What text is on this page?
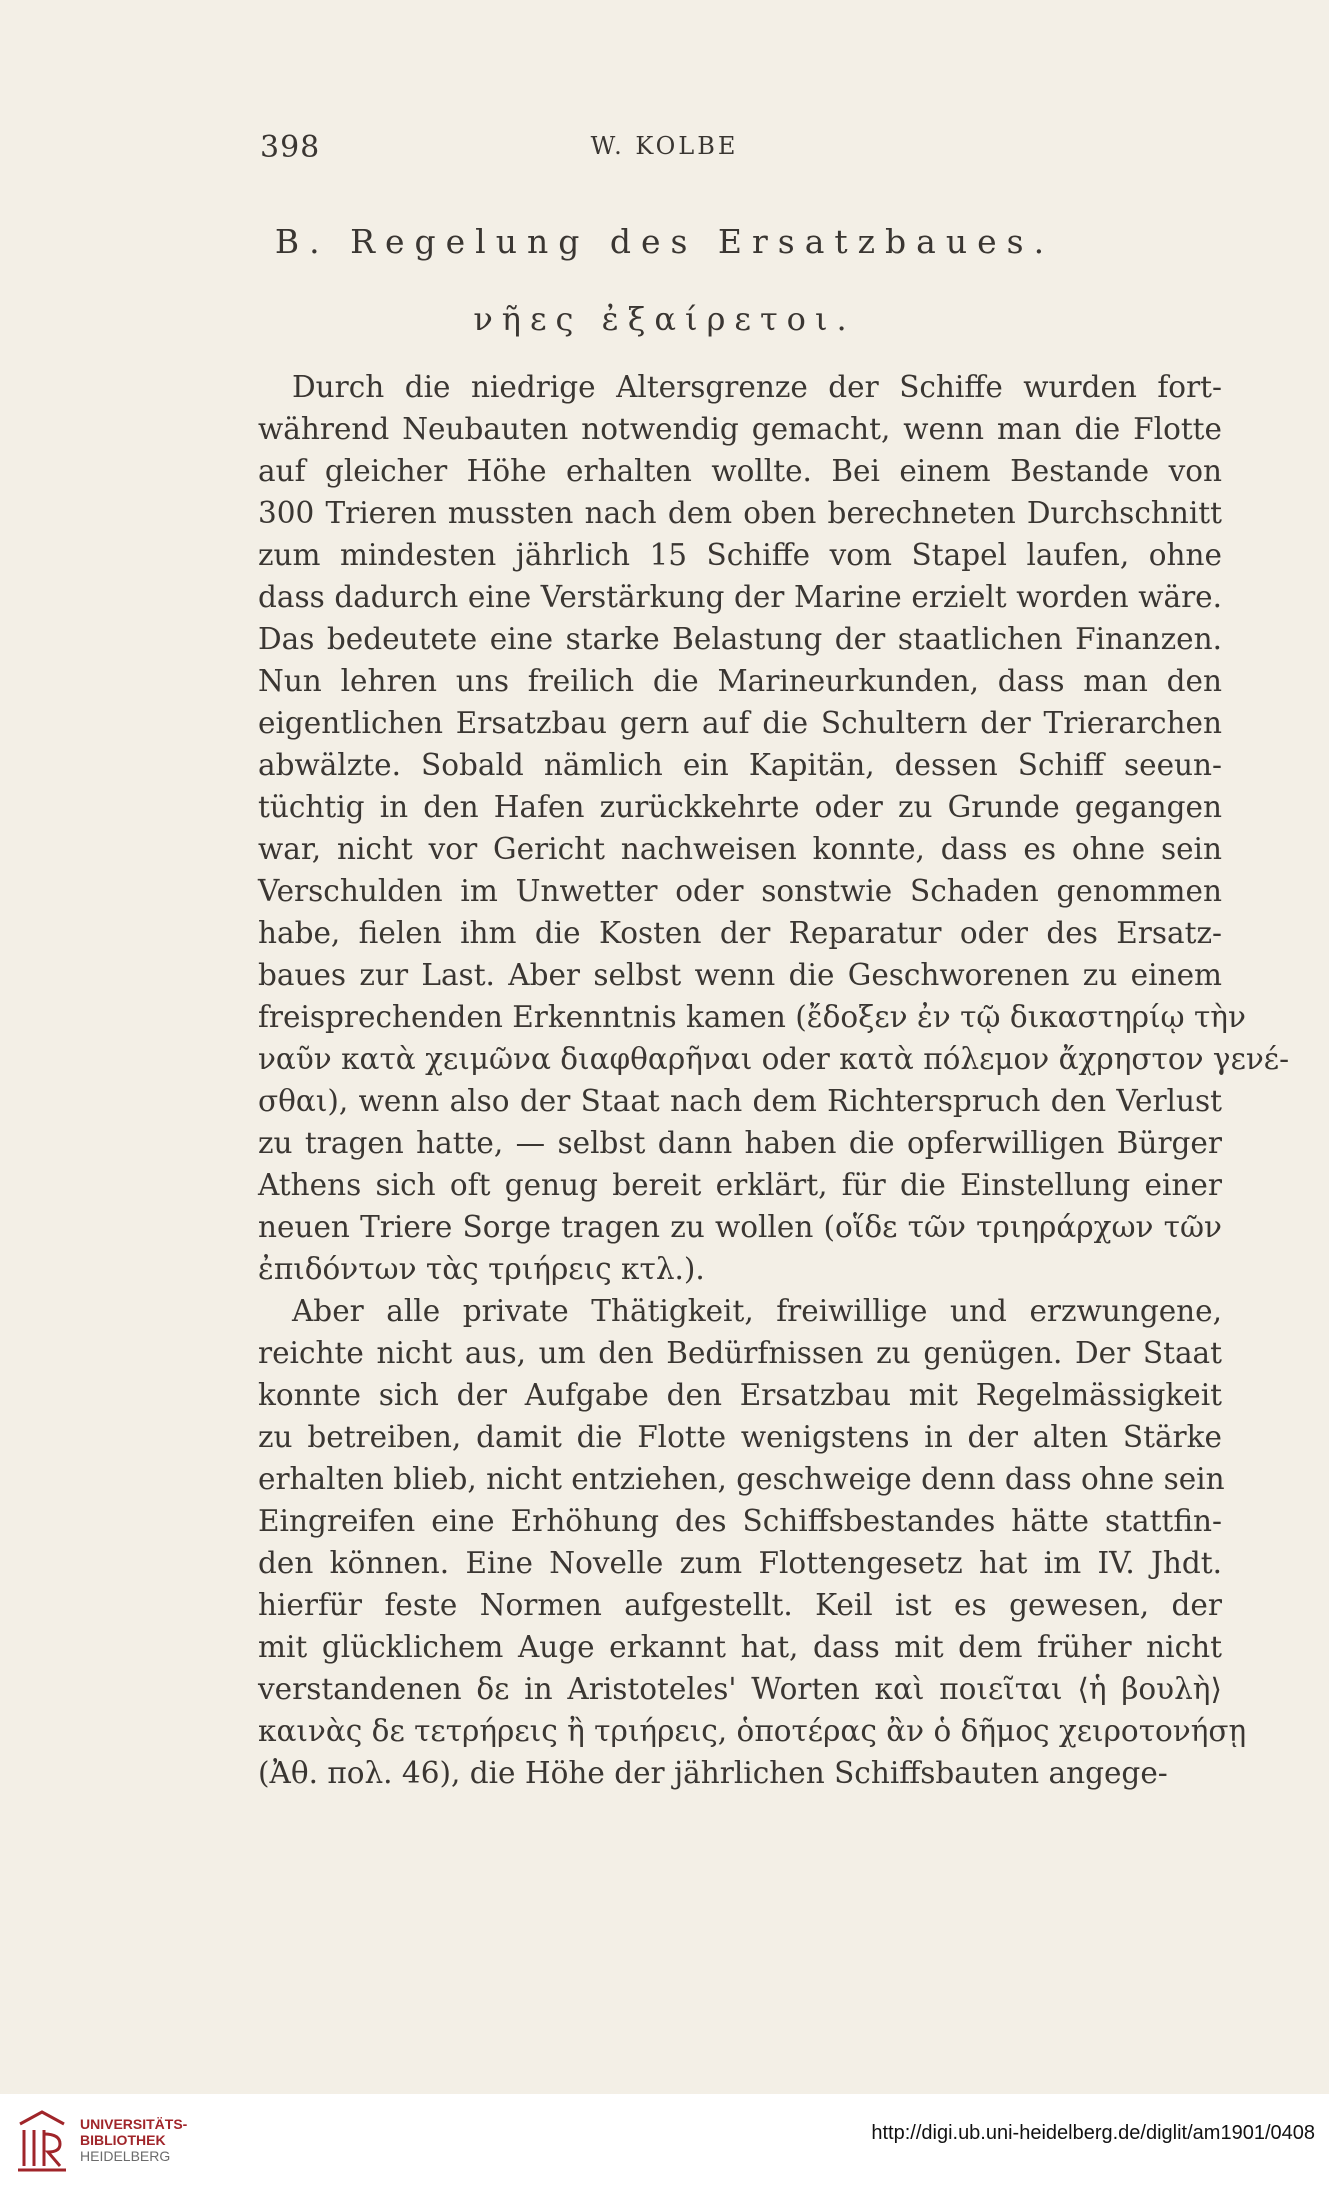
398	W. KOLBE
B. Regelung des Ersatzbaues.
νῆες ἐξαίρετοι.
Durch die niedrige Altersgrenze der Schiffe wurden fort-
während Neubauten notwendig gemacht, wenn man die Flotte
auf gleicher Höhe erhalten wollte. Bei einem Bestande von
300 Trieren mussten nach dem oben berechneten Durchschnitt
zum mindesten jährlich 15 Schiffe vom Stapel laufen, ohne
dass dadurch eine Verstärkung der Marine erzielt worden wäre.
Das bedeutete eine starke Belastung der staatlichen Finanzen.
Nun lehren uns freilich die Marineurkunden, dass man den
eigentlichen Ersatzbau gern auf die Schultern der Trierarchen
abwälzte. Sobald nämlich ein Kapitän, dessen Schiff seeun-
tüchtig in den Hafen zurückkehrte oder zu Grunde gegangen
war, nicht vor Gericht nachweisen konnte, dass es ohne sein
Verschulden im Unwetter oder sonstwie Schaden genommen
habe, fielen ihm die Kosten der Reparatur oder des Ersatz-
baues zur Last. Aber selbst wenn die Geschworenen zu einem
freisprechenden Erkenntnis kamen (ἔδοξεν ἐν τῷ δικαστηρίῳ τὴν
ναῦν κατὰ χειμῶνα διαφθαρῆναι oder κατὰ πόλεμον ἄχρηστον γενέ-
σθαι), wenn also der Staat nach dem Richterspruch den Verlust
zu tragen hatte, — selbst dann haben die opferwilligen Bürger
Athens sich oft genug bereit erklärt, für die Einstellung einer
neuen Triere Sorge tragen zu wollen (οἵδε τῶν τριηράρχων τῶν
ἐπιδόντων τὰς τριήρεις κτλ.).
Aber alle private Thätigkeit, freiwillige und erzwungene,
reichte nicht aus, um den Bedürfnissen zu genügen. Der Staat
konnte sich der Aufgabe den Ersatzbau mit Regelmässigkeit
zu betreiben, damit die Flotte wenigstens in der alten Stärke
erhalten blieb, nicht entziehen, geschweige denn dass ohne sein
Eingreifen eine Erhöhung des Schiffsbestandes hätte stattfin-
den können. Eine Novelle zum Flottengesetz hat im IV. Jhdt.
hierfür feste Normen aufgestellt. Keil ist es gewesen, der
mit glücklichem Auge erkannt hat, dass mit dem früher nicht
verstandenen δε in Aristoteles' Worten καὶ ποιεῖται ⟨ἡ βουλὴ⟩
καινὰς δε τετρήρεις ἢ τριήρεις, ὁποτέρας ἂν ὁ δῆμος χειροτονήσῃ
(Ἀθ. πολ. 46), die Höhe der jährlichen Schiffsbauten angege-
UNIVERSITÄTS-
BIBLIOTHEK
HEIDELBERG
http://digi.ub.uni-heidelberg.de/diglit/am1901/0408
